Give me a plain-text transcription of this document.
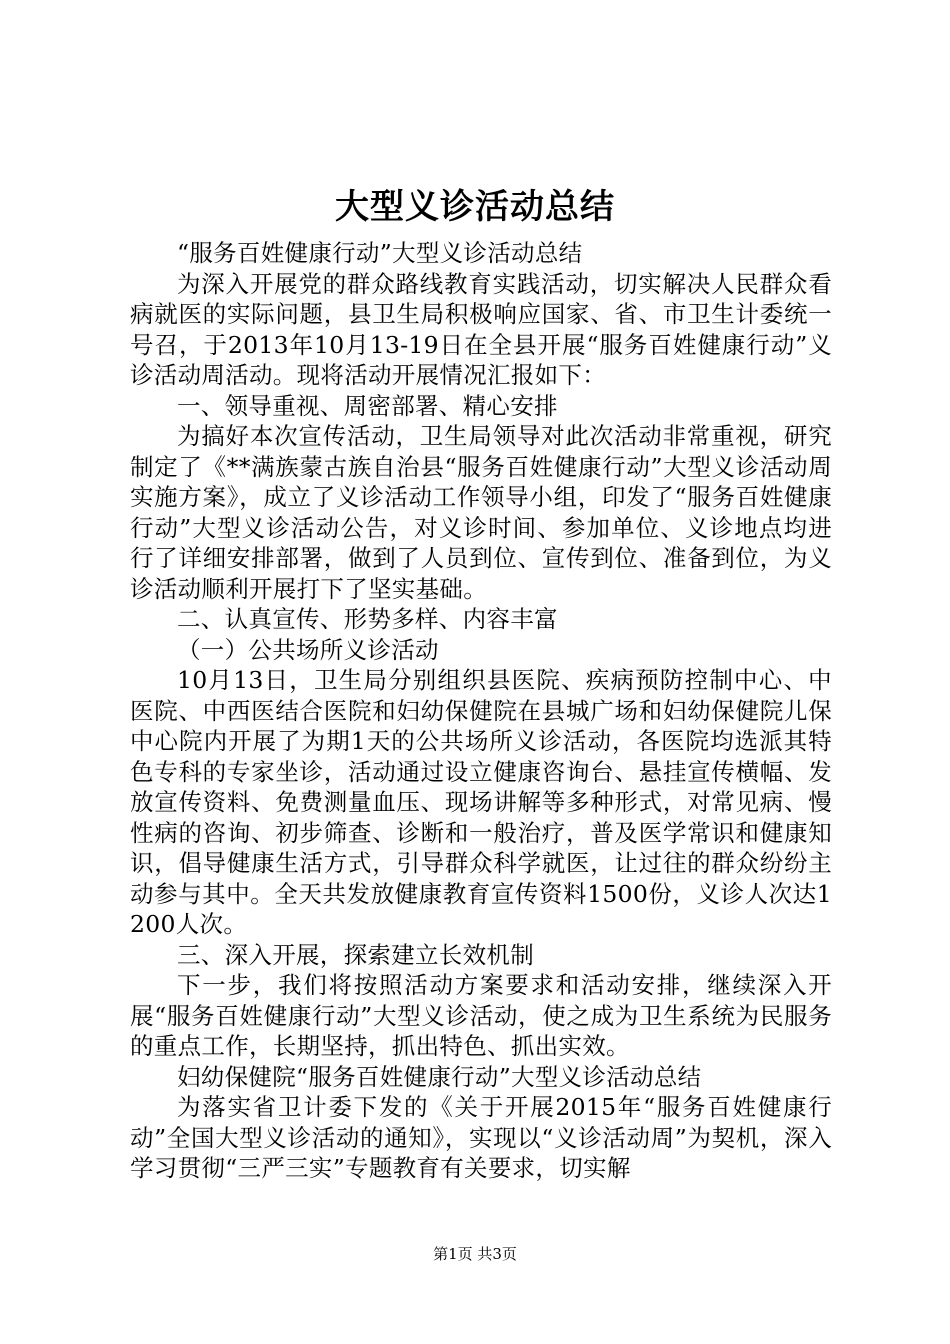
大型义诊活动总结

“服务百姓健康行动”大型义诊活动总结

为深入开展党的群众路线教育实践活动，切实解决人民群众看病就医的实际问题，县卫生局积极响应国家、省、市卫生计委统一号召，于2013年10月13-19日在全县开展“服务百姓健康行动”义诊活动周活动。现将活动开展情况汇报如下：

一、领导重视、周密部署、精心安排

为搞好本次宣传活动，卫生局领导对此次活动非常重视，研究制定了《**满族蒙古族自治县“服务百姓健康行动”大型义诊活动周实施方案》，成立了义诊活动工作领导小组，印发了“服务百姓健康行动”大型义诊活动公告，对义诊时间、参加单位、义诊地点均进行了详细安排部署，做到了人员到位、宣传到位、准备到位，为义诊活动顺利开展打下了坚实基础。

二、认真宣传、形势多样、内容丰富

（一）公共场所义诊活动

10月13日，卫生局分别组织县医院、疾病预防控制中心、中医院、中西医结合医院和妇幼保健院在县城广场和妇幼保健院儿保中心院内开展了为期1天的公共场所义诊活动，各医院均选派其特色专科的专家坐诊，活动通过设立健康咨询台、悬挂宣传横幅、发放宣传资料、免费测量血压、现场讲解等多种形式，对常见病、慢性病的咨询、初步筛查、诊断和一般治疗，普及医学常识和健康知识，倡导健康生活方式，引导群众科学就医，让过往的群众纷纷主动参与其中。全天共发放健康教育宣传资料1500份，义诊人次达1200人次。

三、深入开展，探索建立长效机制

下一步，我们将按照活动方案要求和活动安排，继续深入开展“服务百姓健康行动”大型义诊活动，使之成为卫生系统为民服务的重点工作，长期坚持，抓出特色、抓出实效。

妇幼保健院“服务百姓健康行动”大型义诊活动总结

为落实省卫计委下发的《关于开展2015年“服务百姓健康行动”全国大型义诊活动的通知》，实现以“义诊活动周”为契机，深入学习贯彻“三严三实”专题教育有关要求，切实解

第1页 共3页
